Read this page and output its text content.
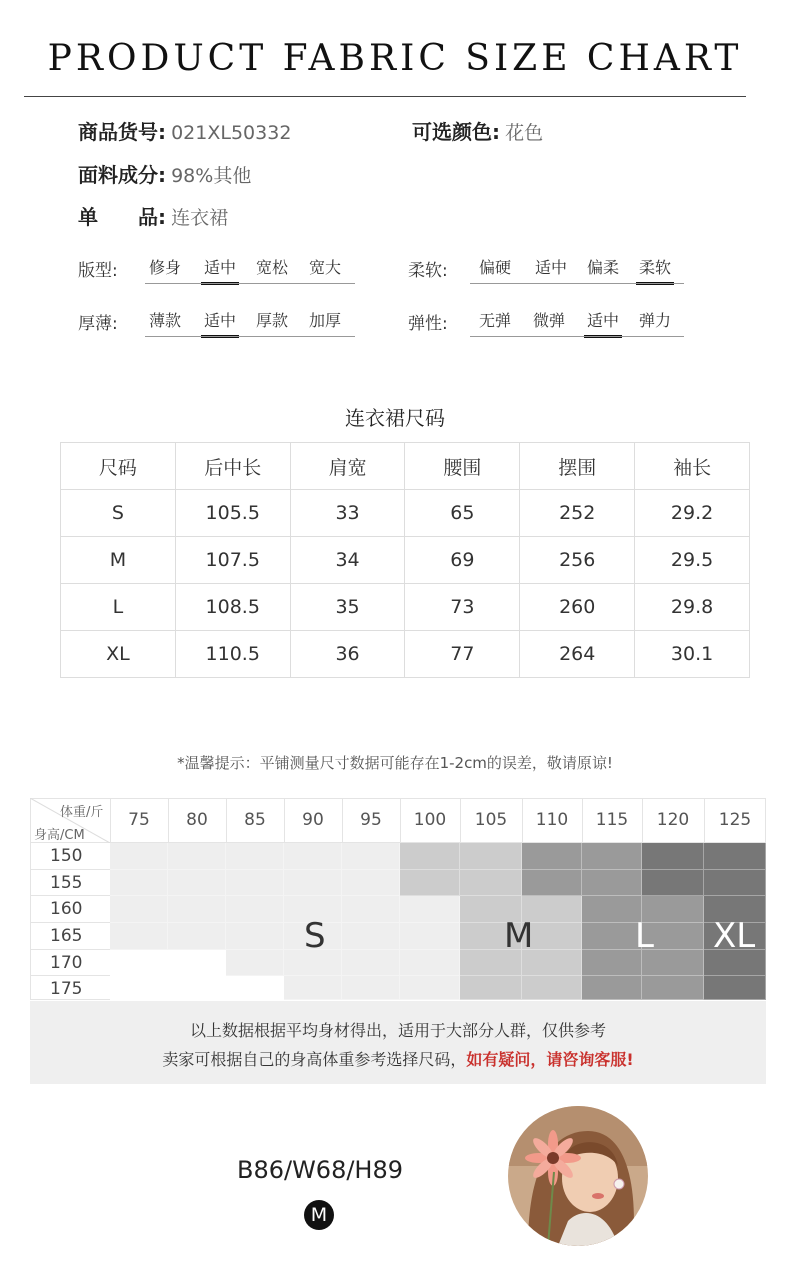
PRODUCT FABRIC SIZE CHART
商品货号: 021XL50332	可选颜色: 花色
面料成分: 98%其他
单 品: 连衣裙
版型: 修身 适中 宽松 宽大	柔软: 偏硬 适中 偏柔 柔软
厚薄: 薄款 适中 厚款 加厚	弹性: 无弹 微弹 适中 弹力
连衣裙尺码
尺码	后中长	肩宽	腰围	摆围	袖长
S	105.5	33	65	252	29.2
M	107.5	34	69	256	29.5
L	108.5	35	73	260	29.8
XL	110.5	36	77	264	30.1
*温馨提示：平铺测量尺寸数据可能存在1-2cm的误差，敬请原谅!
体重/斤
身高/CM
75	80	85	90	95	100	105	110	115	120	125
150
155
160
165
170
175
S	M	L XL
以上数据根据平均身材得出，适用于大部分人群，仅供参考
卖家可根据自己的身高体重参考选择尺码，如有疑问，请咨询客服!
B86/W68/H89
M
